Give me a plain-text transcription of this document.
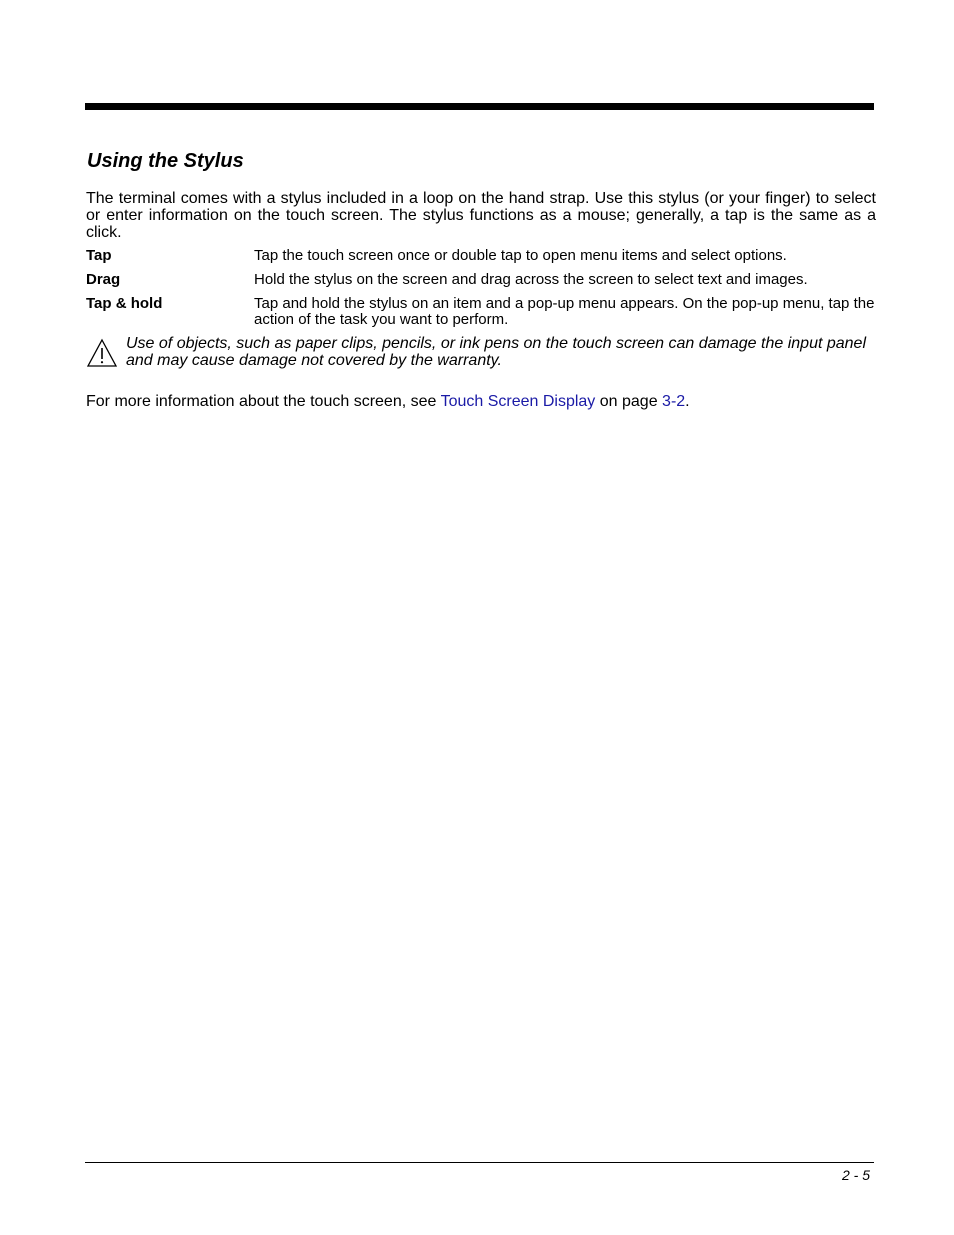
Using the Stylus

The terminal comes with a stylus included in a loop on the hand strap. Use this stylus (or your finger) to select or enter information on the touch screen. The stylus functions as a mouse; generally, a tap is the same as a click.

Tap	Tap the touch screen once or double tap to open menu items and select options.
Drag	Hold the stylus on the screen and drag across the screen to select text and images.
Tap & hold	Tap and hold the stylus on an item and a pop-up menu appears. On the pop-up menu, tap the action of the task you want to perform.

Use of objects, such as paper clips, pencils, or ink pens on the touch screen can damage the input panel and may cause damage not covered by the warranty.

For more information about the touch screen, see Touch Screen Display on page 3-2.

2 - 5
